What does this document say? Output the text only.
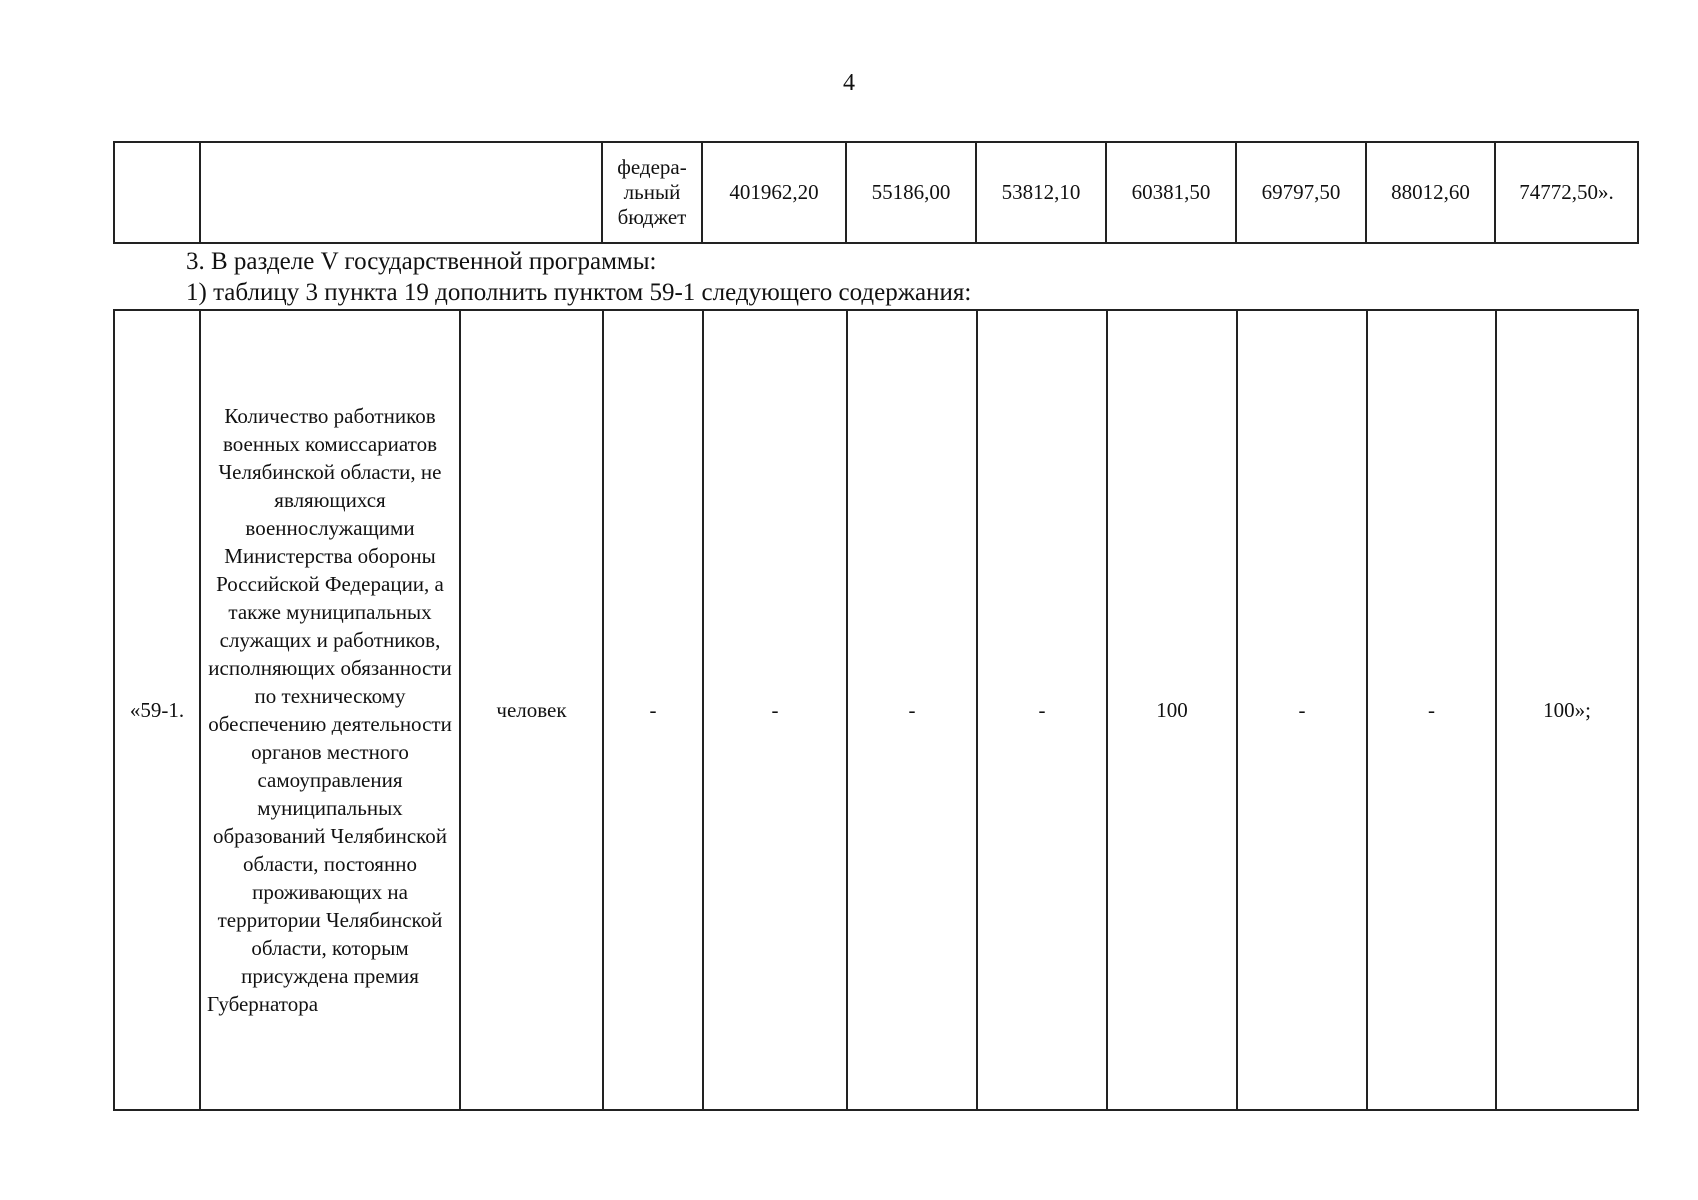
4
		федера-льный бюджет	401962,20	55186,00	53812,10	60381,50	69797,50	88012,60	74772,50».
3. В разделе V государственной программы:
1) таблицу 3 пункта 19 дополнить пунктом 59-1 следующего содержания:
«59-1.	Количество работников военных комиссариатов Челябинской области, не являющихся военнослужащими Министерства обороны Российской Федерации, а также муниципальных служащих и работников, исполняющих обязанности по техническому обеспечению деятельности органов местного самоуправления муниципальных образований Челябинской области, постоянно проживающих на территории Челябинской области, которым присуждена премия Губернатора	человек	-	-	-	-	100	-	-	100»;
